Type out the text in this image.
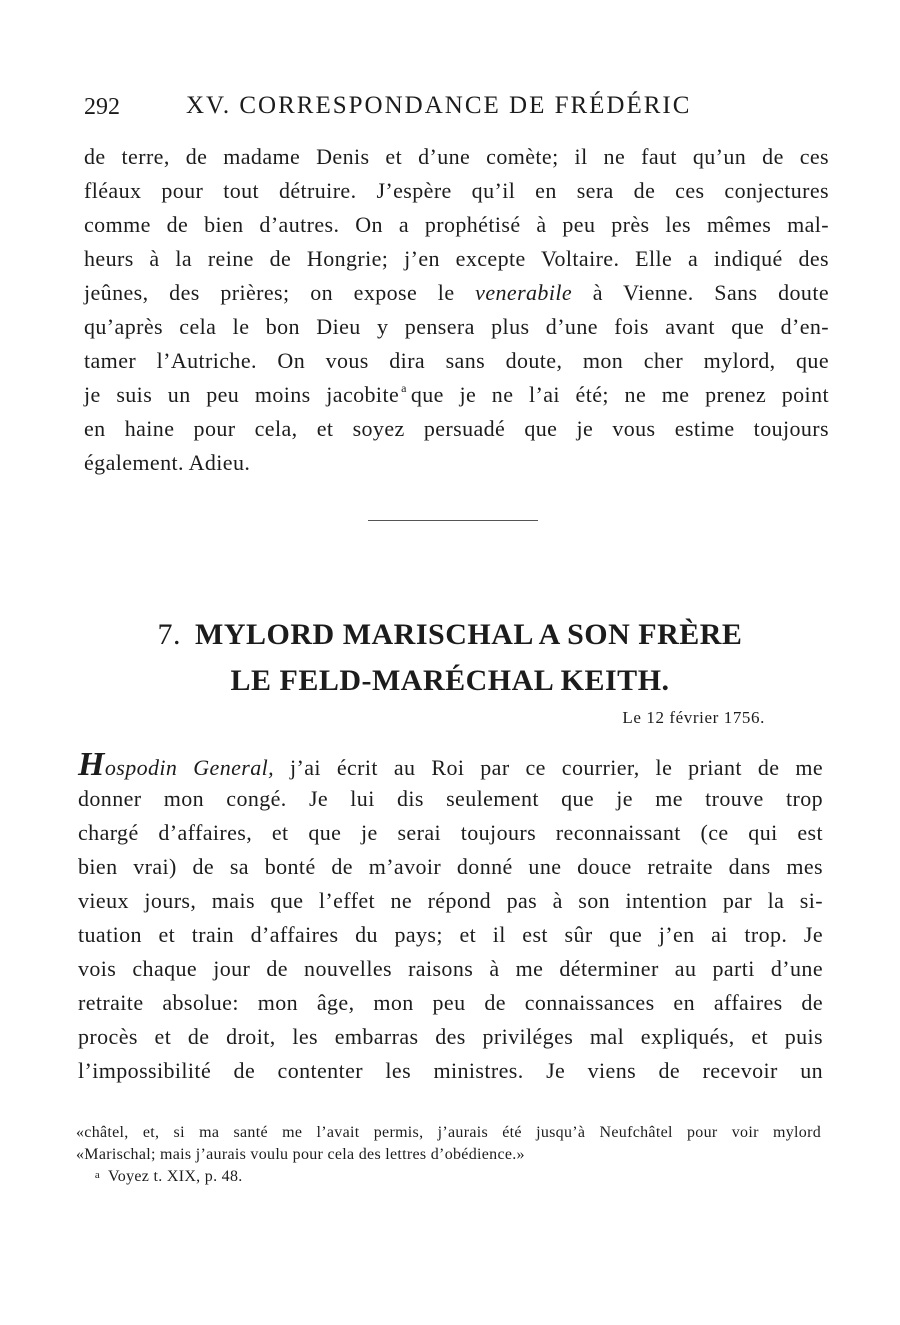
292	XV. CORRESPONDANCE DE FRÉDÉRIC
de terre, de madame Denis et d’une comète; il ne faut qu’un de ces
fléaux pour tout détruire. J’espère qu’il en sera de ces conjectures
comme de bien d’autres. On a prophétisé à peu près les mêmes mal-
heurs à la reine de Hongrie; j’en excepte Voltaire. Elle a indiqué des
jeûnes, des prières; on expose le venerabile à Vienne. Sans doute
qu’après cela le bon Dieu y pensera plus d’une fois avant que d’en-
tamer l’Autriche. On vous dira sans doute, mon cher mylord, que
je suis un peu moins jacobite $^a$ que je ne l’ai été; ne me prenez point
en haine pour cela, et soyez persuadé que je vous estime toujours
également. Adieu.
7. MYLORD MARISCHAL A SON FRÈRE
LE FELD-MARÉCHAL KEITH.
Le 12 février 1756.
Hospodin General, j’ai écrit au Roi par ce courrier, le priant de me
donner mon congé. Je lui dis seulement que je me trouve trop
chargé d’affaires, et que je serai toujours reconnaissant (ce qui est
bien vrai) de sa bonté de m’avoir donné une douce retraite dans mes
vieux jours, mais que l’effet ne répond pas à son intention par la si-
tuation et train d’affaires du pays; et il est sûr que j’en ai trop. Je
vois chaque jour de nouvelles raisons à me déterminer au parti d’une
retraite absolue: mon âge, mon peu de connaissances en affaires de
procès et de droit, les embarras des priviléges mal expliqués, et puis
l’impossibilité de contenter les ministres. Je viens de recevoir un
«châtel, et, si ma santé me l’avait permis, j’aurais été jusqu’à Neufchâtel pour voir mylord
«Marischal; mais j’aurais voulu pour cela des lettres d’obédience.»
a Voyez t. XIX, p. 48.
